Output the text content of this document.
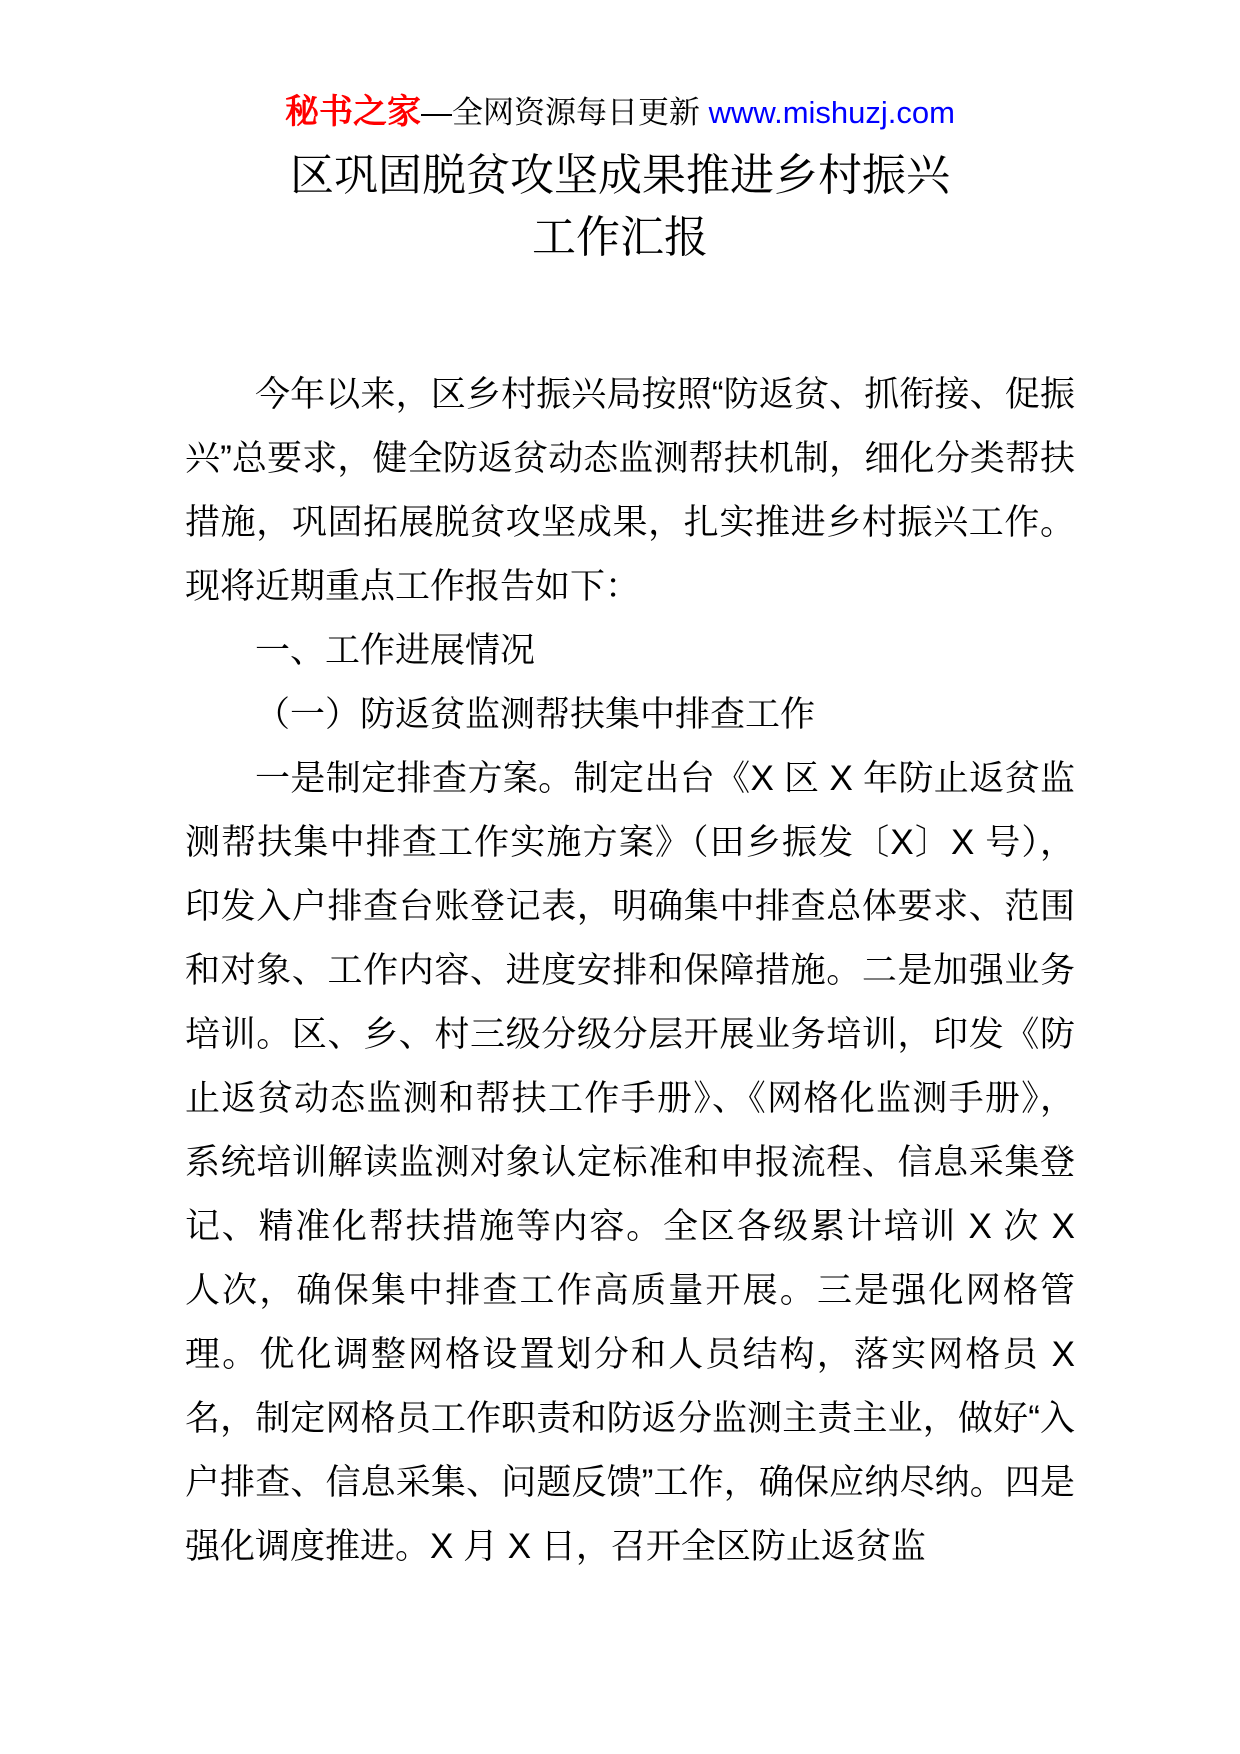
秘书之家—全网资源每日更新 www.mishuzj.com
区巩固脱贫攻坚成果推进乡村振兴
工作汇报

今年以来，区乡村振兴局按照“防返贫、抓衔接、促振兴”总要求，健全防返贫动态监测帮扶机制，细化分类帮扶措施，巩固拓展脱贫攻坚成果，扎实推进乡村振兴工作。现将近期重点工作报告如下：

一、工作进展情况

（一）防返贫监测帮扶集中排查工作

一是制定排查方案。制定出台《X 区 X 年防止返贫监测帮扶集中排查工作实施方案》（田乡振发〔X〕X 号），印发入户排查台账登记表，明确集中排查总体要求、范围和对象、工作内容、进度安排和保障措施。二是加强业务培训。区、乡、村三级分级分层开展业务培训，印发《防止返贫动态监测和帮扶工作手册》、《网格化监测手册》，系统培训解读监测对象认定标准和申报流程、信息采集登记、精准化帮扶措施等内容。全区各级累计培训 X 次 X 人次，确保集中排查工作高质量开展。三是强化网格管理。优化调整网格设置划分和人员结构，落实网格员 X 名，制定网格员工作职责和防返分监测主责主业，做好“入户排查、信息采集、问题反馈”工作，确保应纳尽纳。四是强化调度推进。X 月 X 日，召开全区防止返贫监
